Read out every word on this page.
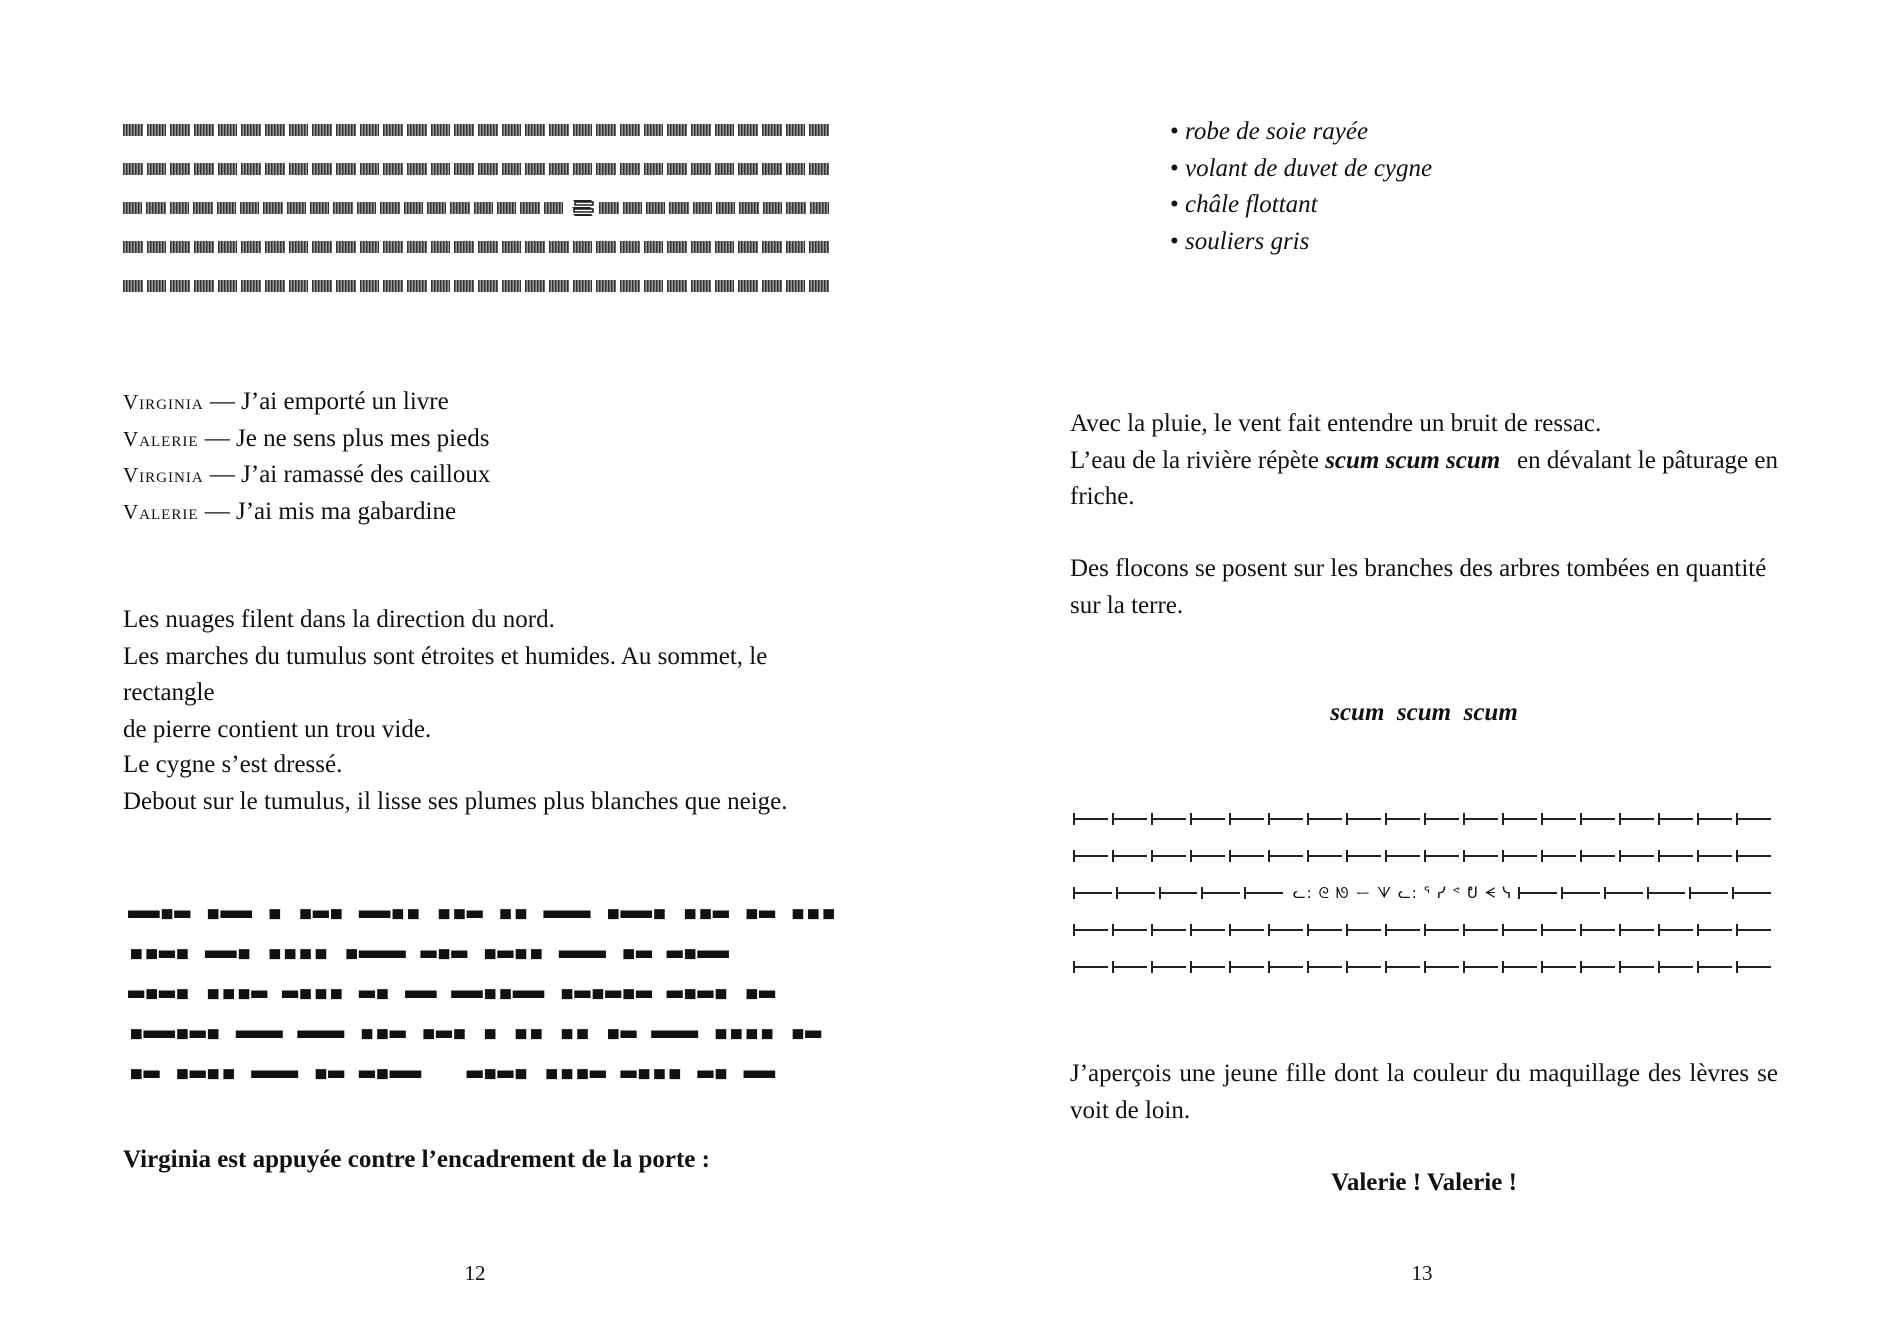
Virginia — J’ai emporté un livre
Valerie — Je ne sens plus mes pieds
Virginia — J’ai ramassé des cailloux
Valerie — J’ai mis ma gabardine
Les nuages filent dans la direction du nord.
Les marches du tumulus sont étroites et humides. Au sommet, le rectangle
de pierre contient un trou vide.
Le cygne s’est dressé.
Debout sur le tumulus, il lisse ses plumes plus blanches que neige.
▬▬▪▬ ▪▬▬ ▪ ▪▬▪ ▬▬▪▪ ▪▪▬ ▪▪ ▬▬▬ ▪▬▬▪ ▪▪▬ ▪▬ ▪▪▪
▪▪▬▪ ▬▬▪ ▪▪▪▪ ▪▬▬▬ ▬▪▬ ▪▬▪▪ ▬▬▬ ▪▬ ▬▪▬▬
▬▪▬▪ ▪▪▪▬ ▬▪▪▪ ▬▪ ▬▬ ▬▬▪▪▬▬ ▪▬▪▬▪▬ ▬▪▬▪ ▪▬
▪▬▬▪▬▪ ▬▬▬ ▬▬▬ ▪▪▬ ▪▬▪ ▪ ▪▪ ▪▪ ▪▬ ▬▬▬ ▪▪▪▪ ▪▬
▪▬ ▪▬▪▪ ▬▬▬ ▪▬ ▬▪▬▬   ▬▪▬▪ ▪▪▪▬ ▬▪▪▪ ▬▪ ▬▬
Virginia est appuyée contre l’encadrement de la porte :
12
• robe de soie rayée
• volant de duvet de cygne
• châle flottant
• souliers gris
Avec la pluie, le vent fait entendre un bruit de ressac.
L’eau de la rivière répète scum scum scum en dévalant le pâturage en
friche.
Des flocons se posent sur les branches des arbres tombées en quantité
sur la terre.
scum  scum  scum
ᓚ: ᘓ ᘚ ー ᗐ ᓚ: ᕐ ᓯ ᕝ ᕞ ᗕ ᓭ
J’aperçois une jeune fille dont la couleur du maquillage des lèvres se
voit de loin.
Valerie ! Valerie !
13
